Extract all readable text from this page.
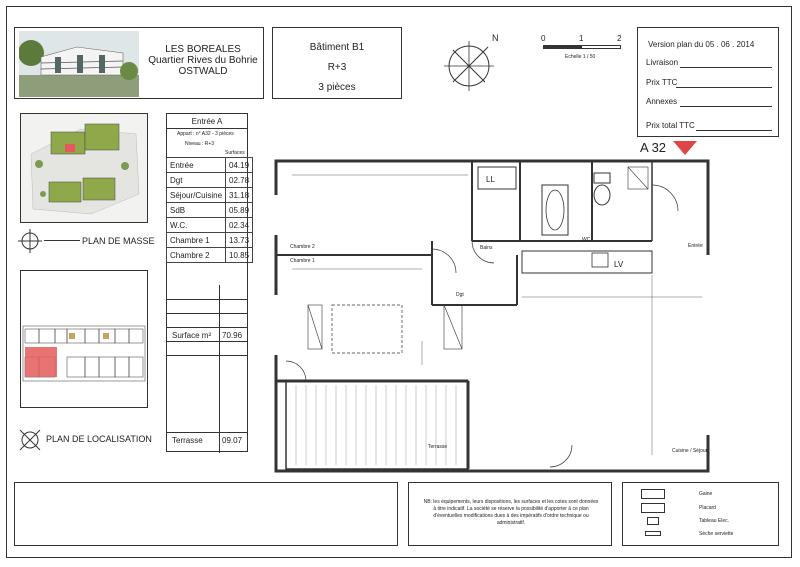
LES BOREALES
Quartier Rives du Bohrie
OSTWALD
Bâtiment B1
R+3
3 pièces
N	0	1	2
Echelle 1 / 50
Version plan du 05 . 06 . 2014
Livraison
Prix TTC
Annexes
Prix total TTC
PLAN DE MASSE
PLAN DE LOCALISATION
Entrée A
Appart : n° A32 - 3 pièces
Niveau : R+3
Surfaces
Entrée	04.19
Dgt	02.78
Séjour/Cuisine	31.18
SdB	05.89
W.C.	02.34
Chambre 1	13.73
Chambre 2	10.85
Surface m² 70.96
Terrasse 09.07
A 32
Chambre 2
Chambre 1
LL
Bains
WC
LV
Entrée
Dgt
Terrasse
Cuisine / Séjour
NB: les équipements, leurs dispositions, les surfaces et les cotes sont données à titre indicatif. La société se réserve la possibilité d'apporter à ce plan d'éventuelles modifications dues à des impératifs d'ordre technique ou administratif.
Gaine
Placard
Tableau Elec.
Sèche serviette
